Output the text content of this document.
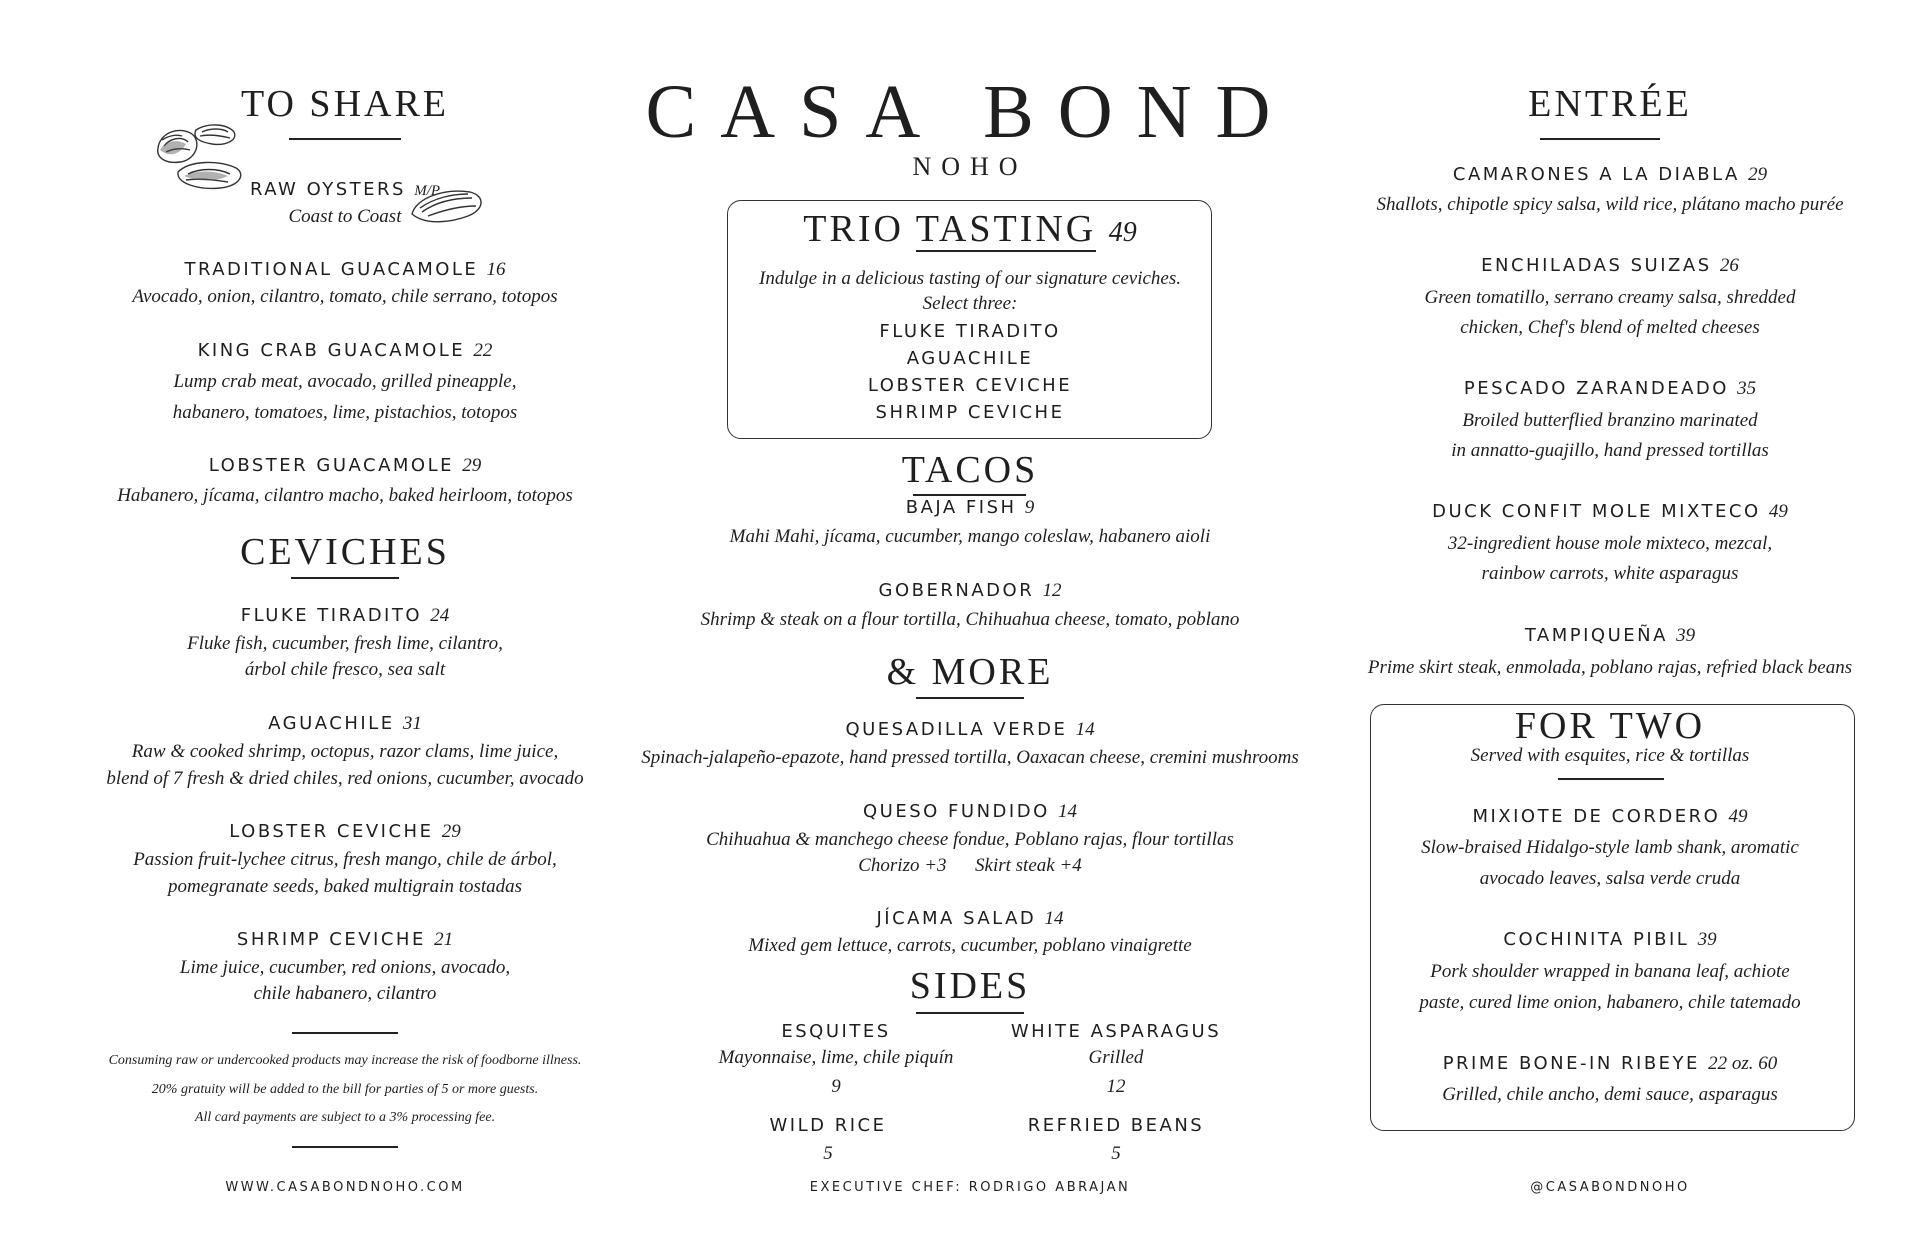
TO SHARE
RAW OYSTERS M/P
Coast to Coast
TRADITIONAL GUACAMOLE 16
Avocado, onion, cilantro, tomato, chile serrano, totopos
KING CRAB GUACAMOLE 22
Lump crab meat, avocado, grilled pineapple,
habanero, tomatoes, lime, pistachios, totopos
LOBSTER GUACAMOLE 29
Habanero, jícama, cilantro macho, baked heirloom, totopos
CEVICHES
FLUKE TIRADITO 24
Fluke fish, cucumber, fresh lime, cilantro,
árbol chile fresco, sea salt
AGUACHILE 31
Raw & cooked shrimp, octopus, razor clams, lime juice,
blend of 7 fresh & dried chiles, red onions, cucumber, avocado
LOBSTER CEVICHE 29
Passion fruit-lychee citrus, fresh mango, chile de árbol,
pomegranate seeds, baked multigrain tostadas
SHRIMP CEVICHE 21
Lime juice, cucumber, red onions, avocado,
chile habanero, cilantro
Consuming raw or undercooked products may increase the risk of foodborne illness.
20% gratuity will be added to the bill for parties of 5 or more guests.
All card payments are subject to a 3% processing fee.
WWW.CASABONDNOHO.COM
CASA BOND
NOHO
TRIO TASTING 49
Indulge in a delicious tasting of our signature ceviches.
Select three:
FLUKE TIRADITO
AGUACHILE
LOBSTER CEVICHE
SHRIMP CEVICHE
TACOS
BAJA FISH 9
Mahi Mahi, jícama, cucumber, mango coleslaw, habanero aioli
GOBERNADOR 12
Shrimp & steak on a flour tortilla, Chihuahua cheese, tomato, poblano
& MORE
QUESADILLA VERDE 14
Spinach-jalapeño-epazote, hand pressed tortilla, Oaxacan cheese, cremini mushrooms
QUESO FUNDIDO 14
Chihuahua & manchego cheese fondue, Poblano rajas, flour tortillas
Chorizo +3      Skirt steak +4
JÍCAMA SALAD 14
Mixed gem lettuce, carrots, cucumber, poblano vinaigrette
SIDES
ESQUITES
Mayonnaise, lime, chile piquín
9
WHITE ASPARAGUS
Grilled
12
WILD RICE
5
REFRIED BEANS
5
EXECUTIVE CHEF: RODRIGO ABRAJAN
ENTRÉE
CAMARONES A LA DIABLA 29
Shallots, chipotle spicy salsa, wild rice, plátano macho purée
ENCHILADAS SUIZAS 26
Green tomatillo, serrano creamy salsa, shredded
chicken, Chef's blend of melted cheeses
PESCADO ZARANDEADO 35
Broiled butterflied branzino marinated
in annatto-guajillo, hand pressed tortillas
DUCK CONFIT MOLE MIXTECO 49
32-ingredient house mole mixteco, mezcal,
rainbow carrots, white asparagus
TAMPIQUEÑA 39
Prime skirt steak, enmolada, poblano rajas, refried black beans
FOR TWO
Served with esquites, rice & tortillas
MIXIOTE DE CORDERO 49
Slow-braised Hidalgo-style lamb shank, aromatic
avocado leaves, salsa verde cruda
COCHINITA PIBIL 39
Pork shoulder wrapped in banana leaf, achiote
paste, cured lime onion, habanero, chile tatemado
PRIME BONE-IN RIBEYE 22 oz. 60
Grilled, chile ancho, demi sauce, asparagus
@CASABONDNOHO
